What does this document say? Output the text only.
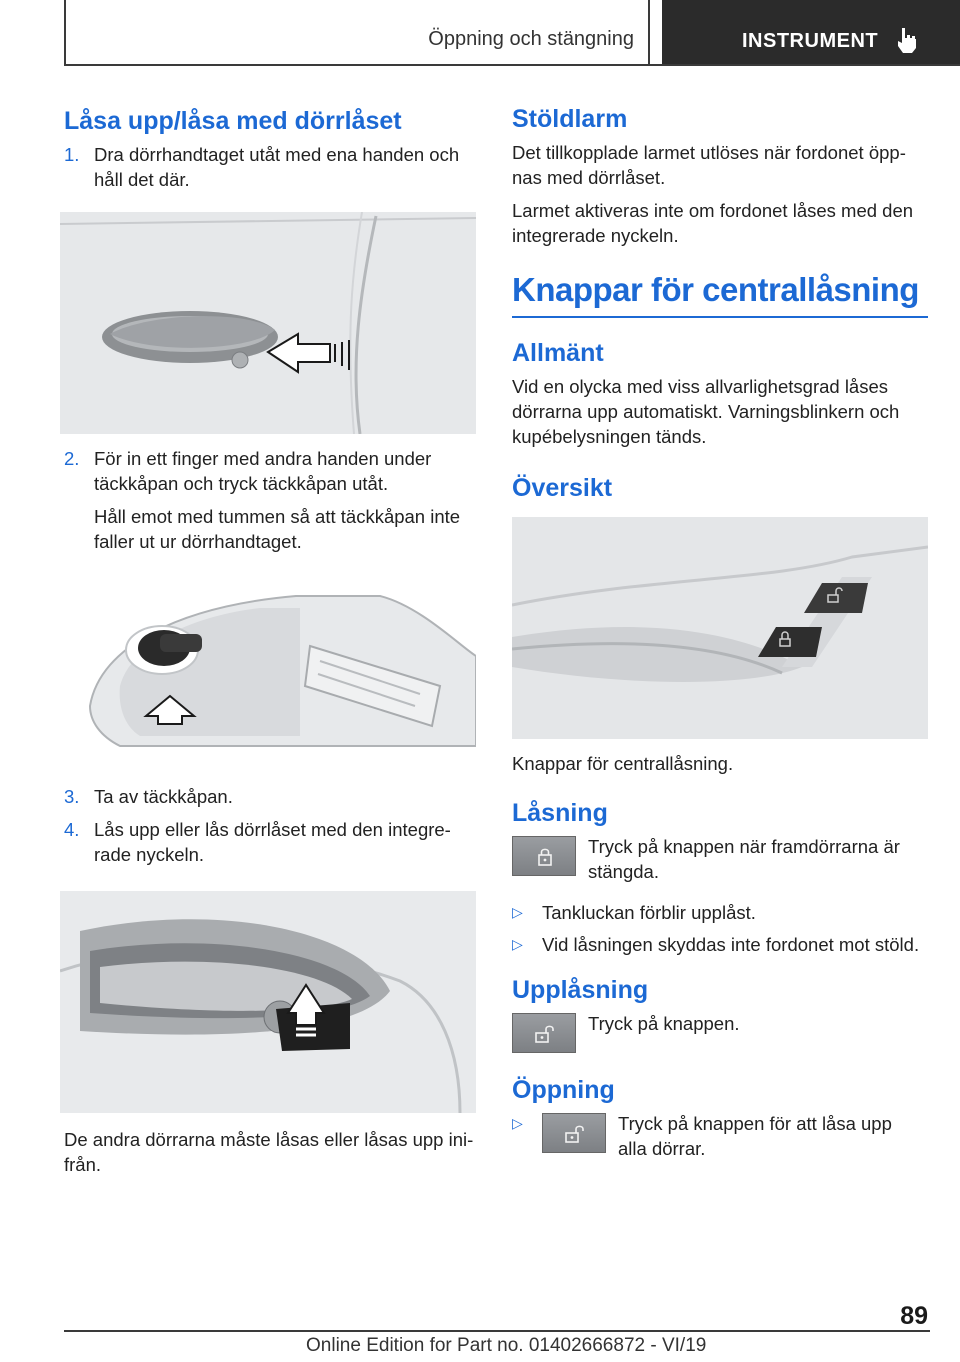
Öppning och stängning	INSTRUMENT
Låsa upp/låsa med dörrlåset
1. Dra dörrhandtaget utåt med ena handen och håll det där.
2. För in ett finger med andra handen under täckkåpan och tryck täckkåpan utåt.
Håll emot med tummen så att täckkåpan inte faller ut ur dörrhandtaget.
3. Ta av täckkåpan.
4. Lås upp eller lås dörrlåset med den integre-rade nyckeln.

De andra dörrarna måste låsas eller låsas upp ini-från.

Stöldlarm

Det tillkopplade larmet utlöses när fordonet öpp-nas med dörrlåset.

Larmet aktiveras inte om fordonet låses med den integrerade nyckeln.

Knappar för centrallåsning
Allmänt

Vid en olycka med viss allvarlighetsgrad låses dörrarna upp automatiskt. Varningsblinkern och kupébelysningen tänds.

Översikt

Knappar för centrallåsning.

Låsning
Tryck på knappen när framdörrarna är stängda.
▷	Tankluckan förblir upplåst.
▷	Vid låsningen skyddas inte fordonet mot stöld.
Upplåsning
Tryck på knappen.
Öppning
▷	Tryck på knappen för att låsa upp alla dörrar.
89
Online Edition for Part no. 01402666872 - VI/19
